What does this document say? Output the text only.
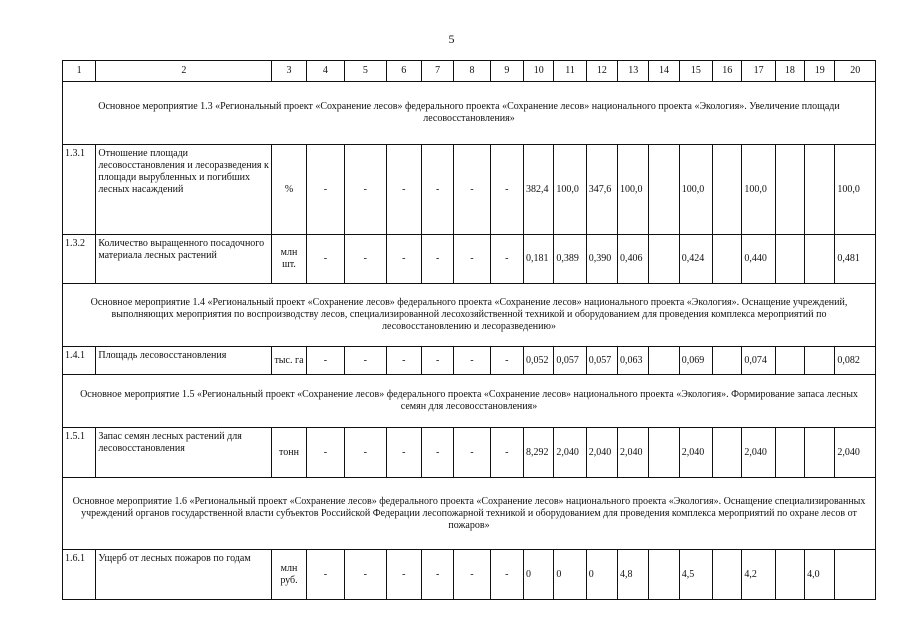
5
1	2	3	4	5	6	7	8	9	10	11	12	13	14	15	16	17	18	19	20
Основное мероприятие 1.3 «Региональный проект «Сохранение лесов» федерального проекта «Сохранение лесов» национального проекта «Экология». Увеличение площади лесовосстановления»																			
1.3.1	Отношение площади лесовосстановления и лесоразведения к площади вырубленных и погибших лесных насаждений	%	-	-	-	-	-	-	382,4	100,0	347,6	100,0		100,0		100,0			100,0
1.3.2	Количество выращенного посадочного материала лесных растений	млн шт.	-	-	-	-	-	-	0,181	0,389	0,390	0,406		0,424		0,440			0,481
Основное мероприятие 1.4 «Региональный проект «Сохранение лесов» федерального проекта «Сохранение лесов» национального проекта «Экология». Оснащение учреждений, выполняющих мероприятия по воспроизводству лесов, специализированной лесохозяйственной техникой и оборудованием для проведения комплекса мероприятий по лесовосстановлению и лесоразведению»																			
1.4.1	Площадь лесовосстановления	тыс. га	-	-	-	-	-	-	0,052	0,057	0,057	0,063		0,069		0,074			0,082
Основное мероприятие 1.5 «Региональный проект «Сохранение лесов» федерального проекта «Сохранение лесов» национального проекта «Экология». Формирование запаса лесных семян для лесовосстановления»																			
1.5.1	Запас семян лесных растений для лесовосстановления	тонн	-	-	-	-	-	-	8,292	2,040	2,040	2,040		2,040		2,040			2,040
Основное мероприятие 1.6 «Региональный проект «Сохранение лесов» федерального проекта «Сохранение лесов» национального проекта «Экология». Оснащение специализированных учреждений органов государственной власти субъектов Российской Федерации лесопожарной техникой и оборудованием для проведения комплекса мероприятий по охране лесов от пожаров»																			
1.6.1	Ущерб от лесных пожаров по годам	млн руб.	-	-	-	-	-	-	0	0	0	4,8		4,5		4,2		4,0	
